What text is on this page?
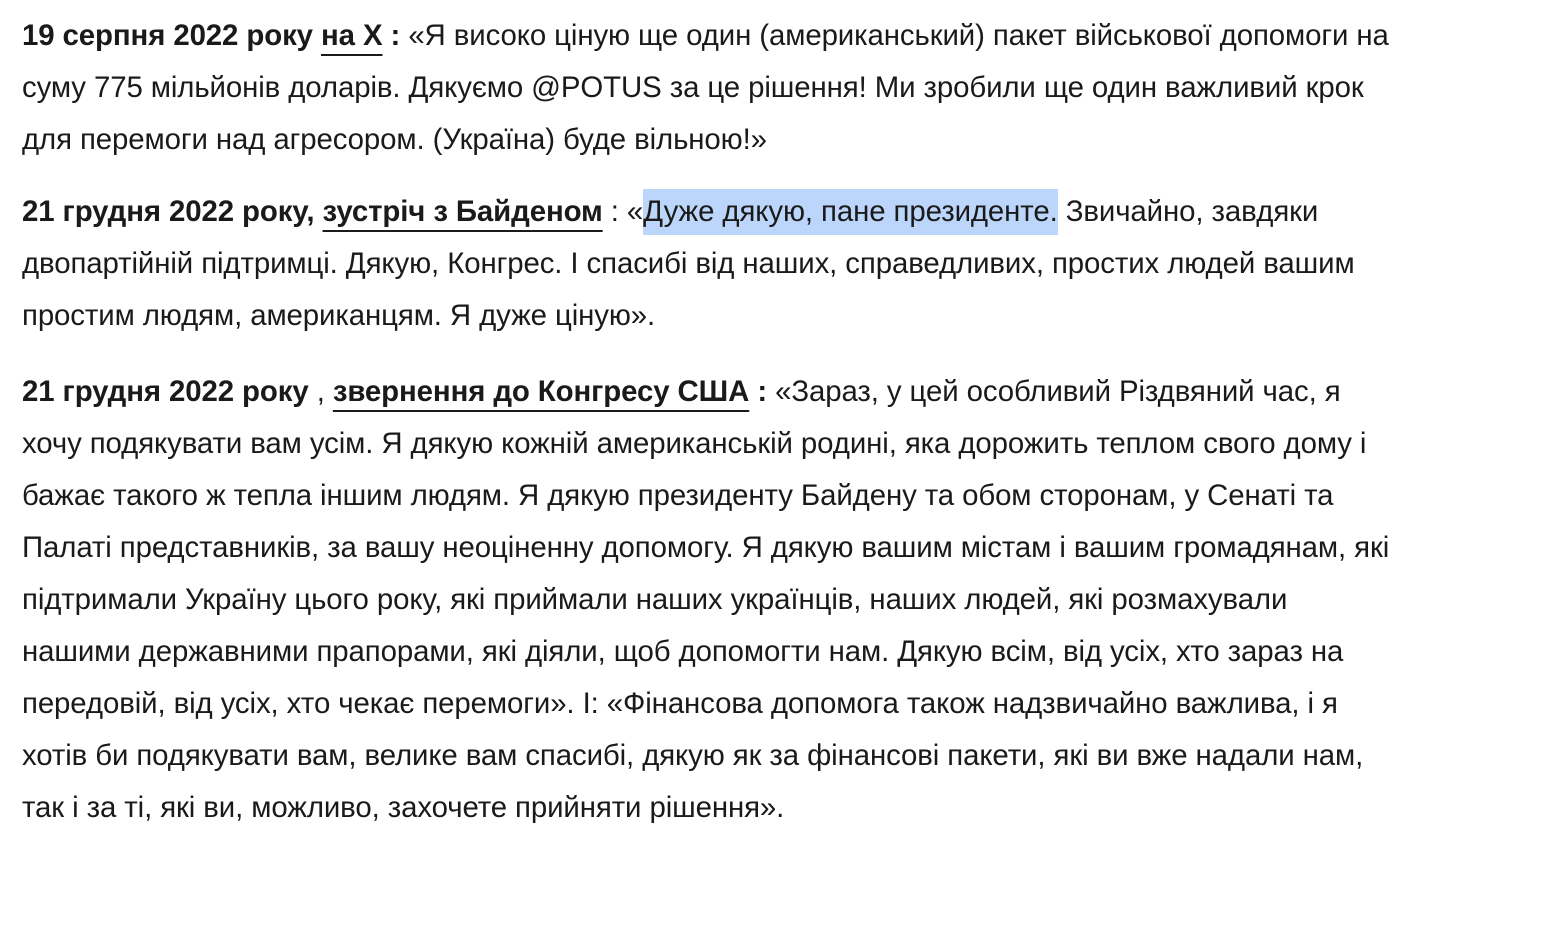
19 серпня 2022 року на Х : «Я високо ціную ще один (американський) пакет військової допомоги на суму 775 мільйонів доларів. Дякуємо @POTUS за це рішення! Ми зробили ще один важливий крок для перемоги над агресором. (Україна) буде вільною!»

21 грудня 2022 року, зустріч з Байденом : «Дуже дякую, пане президенте. Звичайно, завдяки двопартійній підтримці. Дякую, Конгрес. І спасибі від наших, справедливих, простих людей вашим простим людям, американцям. Я дуже ціную».

21 грудня 2022 року , звернення до Конгресу США : «Зараз, у цей особливий Різдвяний час, я хочу подякувати вам усім. Я дякую кожній американській родині, яка дорожить теплом свого дому і бажає такого ж тепла іншим людям. Я дякую президенту Байдену та обом сторонам, у Сенаті та Палаті представників, за вашу неоціненну допомогу. Я дякую вашим містам і вашим громадянам, які підтримали Україну цього року, які приймали наших українців, наших людей, які розмахували нашими державними прапорами, які діяли, щоб допомогти нам. Дякую всім, від усіх, хто зараз на передовій, від усіх, хто чекає перемоги». І: «Фінансова допомога також надзвичайно важлива, і я хотів би подякувати вам, велике вам спасибі, дякую як за фінансові пакети, які ви вже надали нам, так і за ті, які ви, можливо, захочете прийняти рішення».
